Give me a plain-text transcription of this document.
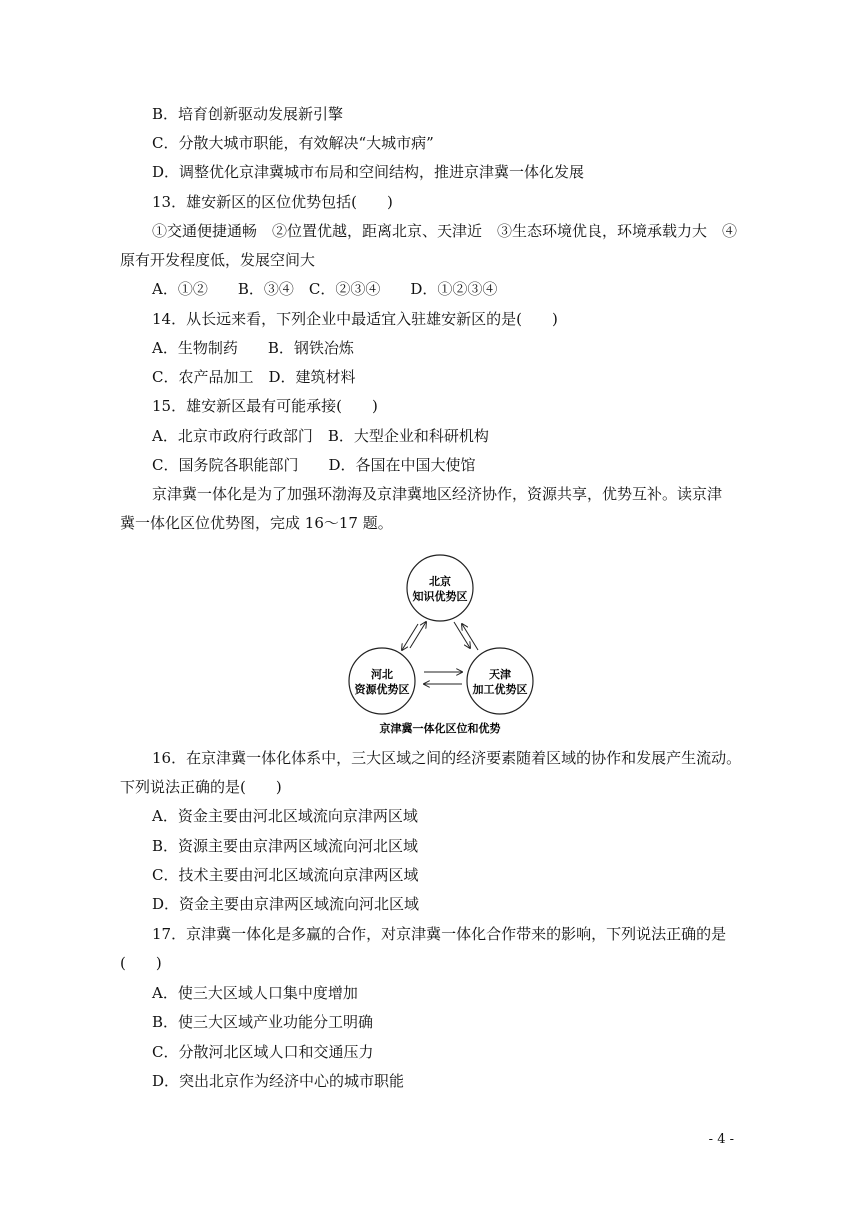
B．培育创新驱动发展新引擎
C．分散大城市职能，有效解决“大城市病”
D．调整优化京津冀城市布局和空间结构，推进京津冀一体化发展
13．雄安新区的区位优势包括(　　)
①交通便捷通畅　②位置优越，距离北京、天津近　③生态环境优良，环境承载力大　④
原有开发程度低，发展空间大
A．①②　　B．③④　C．②③④　　D．①②③④
14．从长远来看，下列企业中最适宜入驻雄安新区的是(　　)
A．生物制药　　B．钢铁冶炼
C．农产品加工　D．建筑材料
15．雄安新区最有可能承接(　　)
A．北京市政府行政部门　B．大型企业和科研机构
C．国务院各职能部门　　D．各国在中国大使馆
京津冀一体化是为了加强环渤海及京津冀地区经济协作，资源共享，优势互补。读京津
冀一体化区位优势图，完成 16～17 题。
北京
知识优势区
河北
资源优势区
天津
加工优势区
京津冀一体化区位和优势
16．在京津冀一体化体系中，三大区域之间的经济要素随着区域的协作和发展产生流动。
下列说法正确的是(　　)
A．资金主要由河北区域流向京津两区域
B．资源主要由京津两区域流向河北区域
C．技术主要由河北区域流向京津两区域
D．资金主要由京津两区域流向河北区域
17．京津冀一体化是多赢的合作，对京津冀一体化合作带来的影响，下列说法正确的是
(　　)
A．使三大区域人口集中度增加
B．使三大区域产业功能分工明确
C．分散河北区域人口和交通压力
D．突出北京作为经济中心的城市职能
- 4 -
